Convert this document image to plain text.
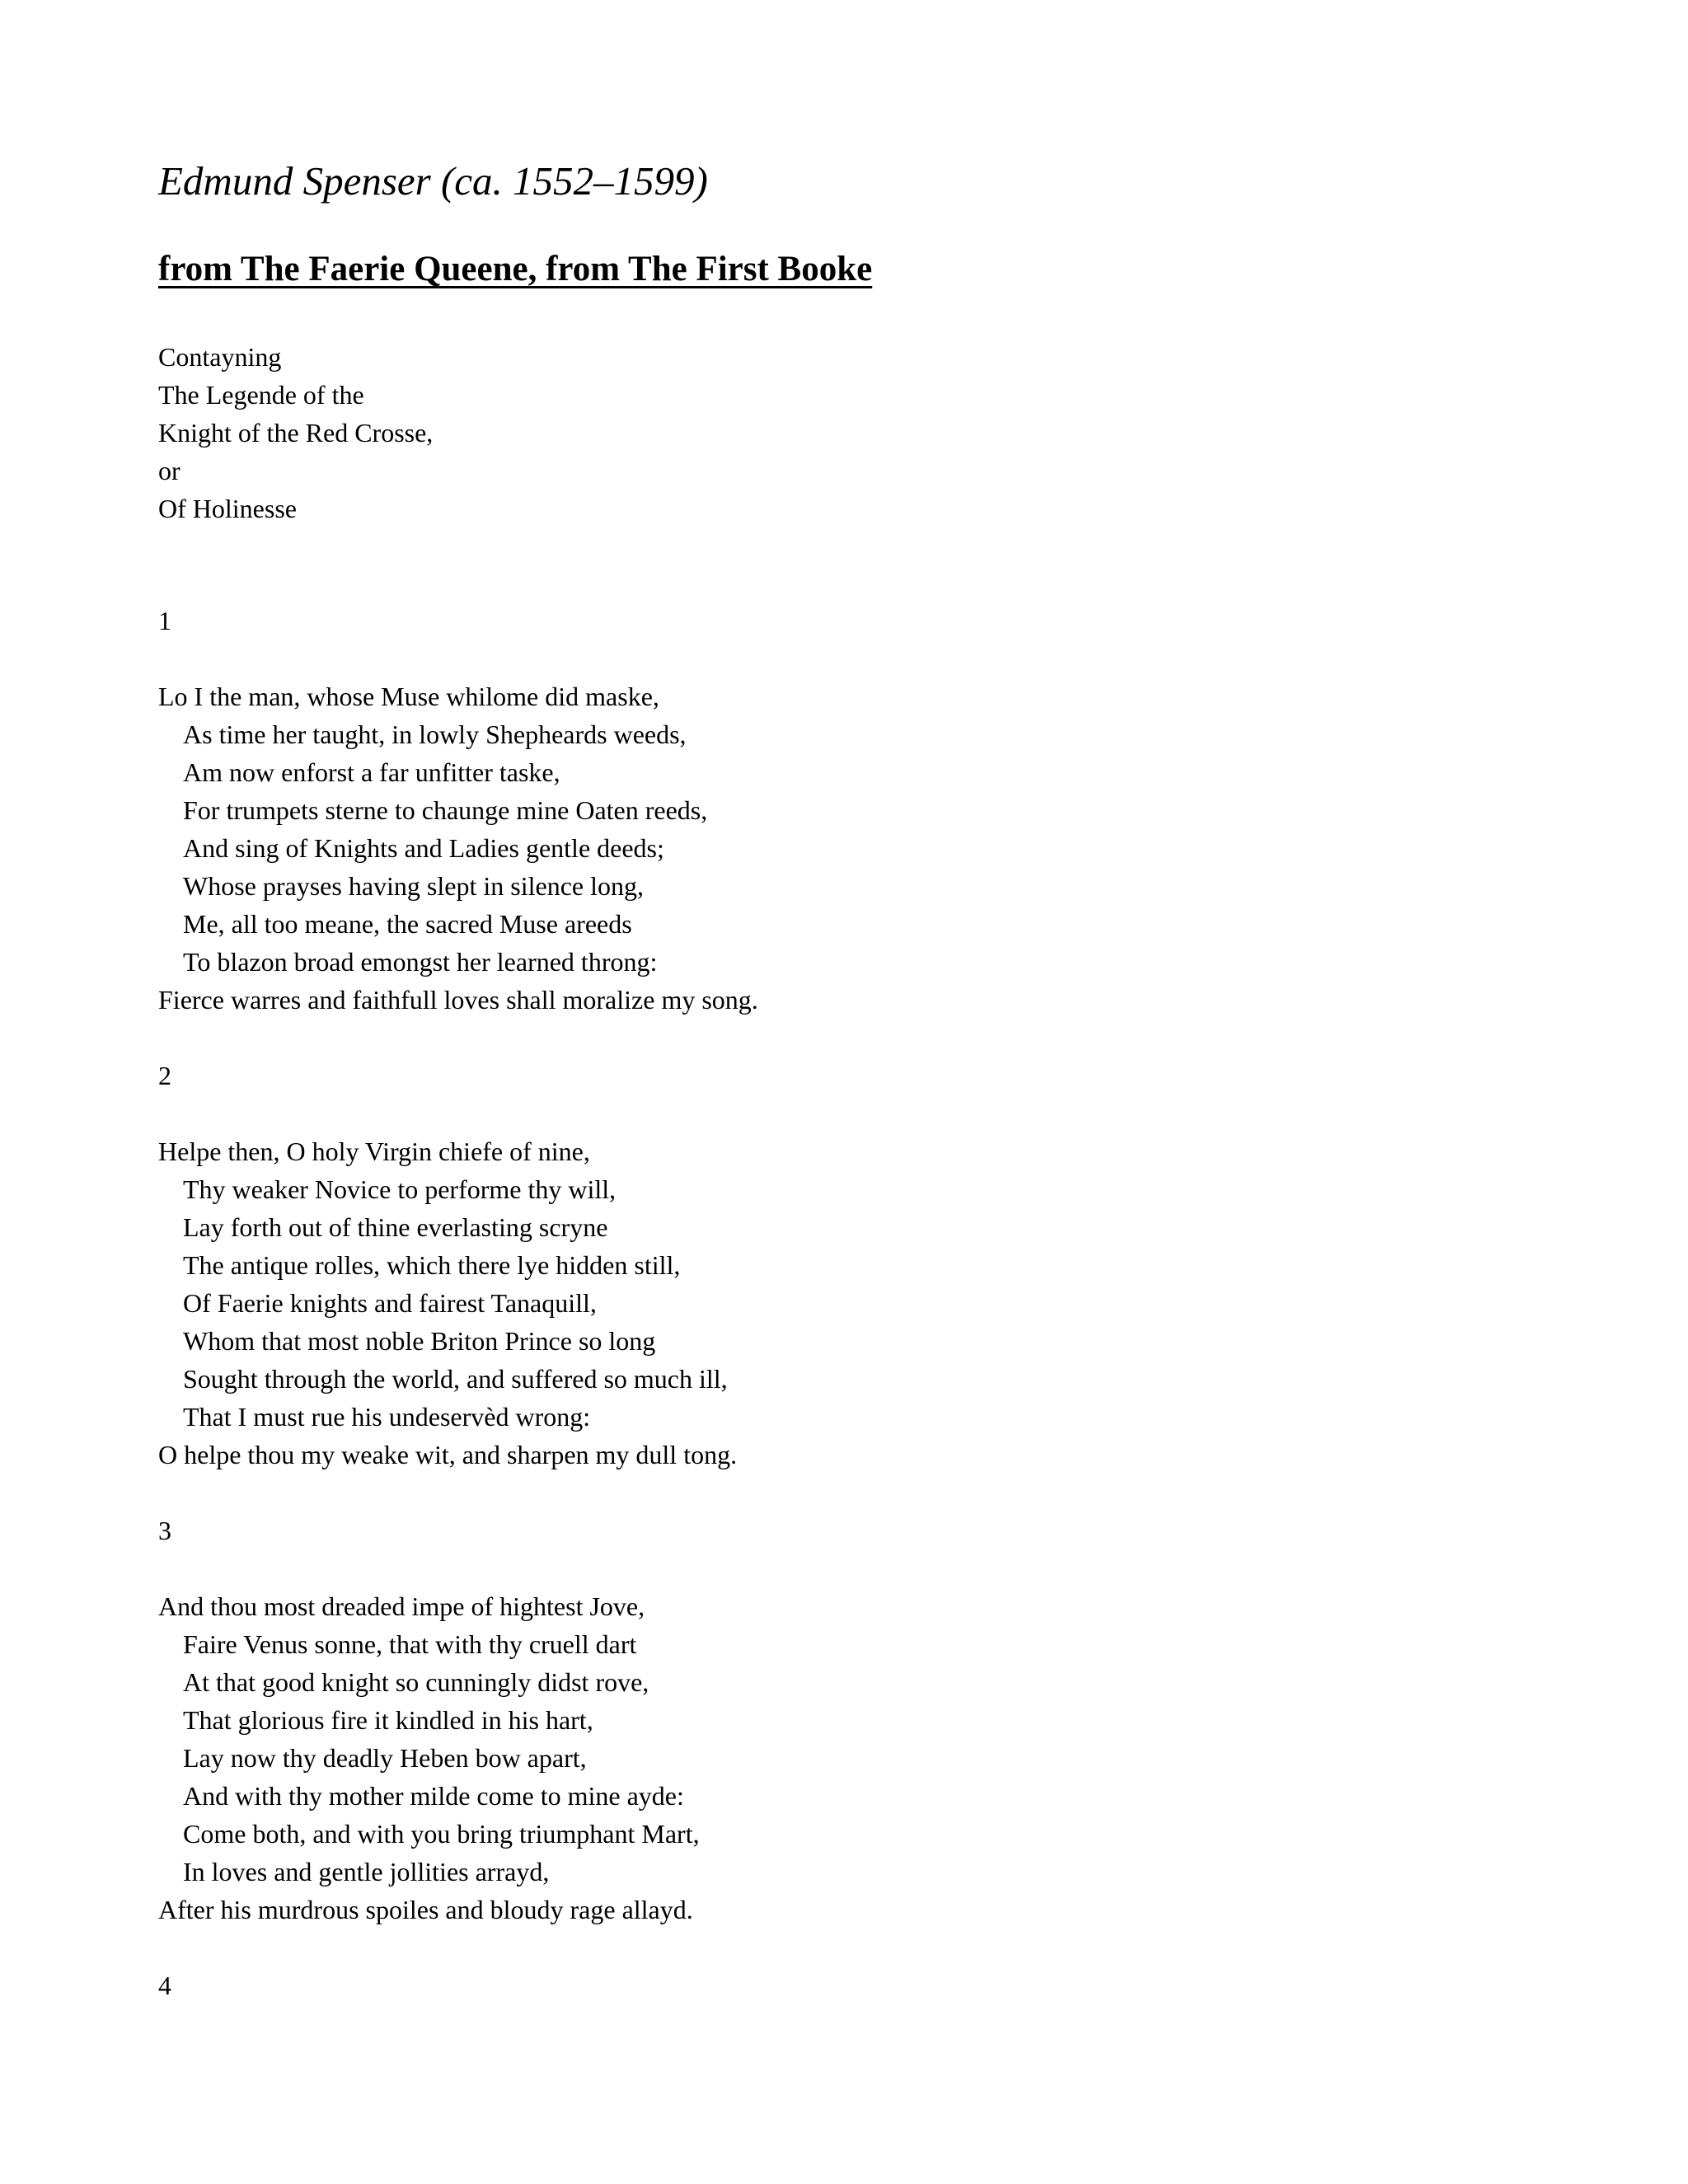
Edmund Spenser (ca. 1552–1599)
from The Faerie Queene, from The First Booke
Contayning
The Legende of the
Knight of the Red Crosse,
or
Of Holinesse
1
Lo I the man, whose Muse whilome did maske,
As time her taught, in lowly Shepheards weeds,
Am now enforst a far unfitter taske,
For trumpets sterne to chaunge mine Oaten reeds,
And sing of Knights and Ladies gentle deeds;
Whose prayses having slept in silence long,
Me, all too meane, the sacred Muse areeds
To blazon broad emongst her learned throng:
Fierce warres and faithfull loves shall moralize my song.
2
Helpe then, O holy Virgin chiefe of nine,
Thy weaker Novice to performe thy will,
Lay forth out of thine everlasting scryne
The antique rolles, which there lye hidden still,
Of Faerie knights and fairest Tanaquill,
Whom that most noble Briton Prince so long
Sought through the world, and suffered so much ill,
That I must rue his undeservèd wrong:
O helpe thou my weake wit, and sharpen my dull tong.
3
And thou most dreaded impe of hightest Jove,
Faire Venus sonne, that with thy cruell dart
At that good knight so cunningly didst rove,
That glorious fire it kindled in his hart,
Lay now thy deadly Heben bow apart,
And with thy mother milde come to mine ayde:
Come both, and with you bring triumphant Mart,
In loves and gentle jollities arrayd,
After his murdrous spoiles and bloudy rage allayd.
4
